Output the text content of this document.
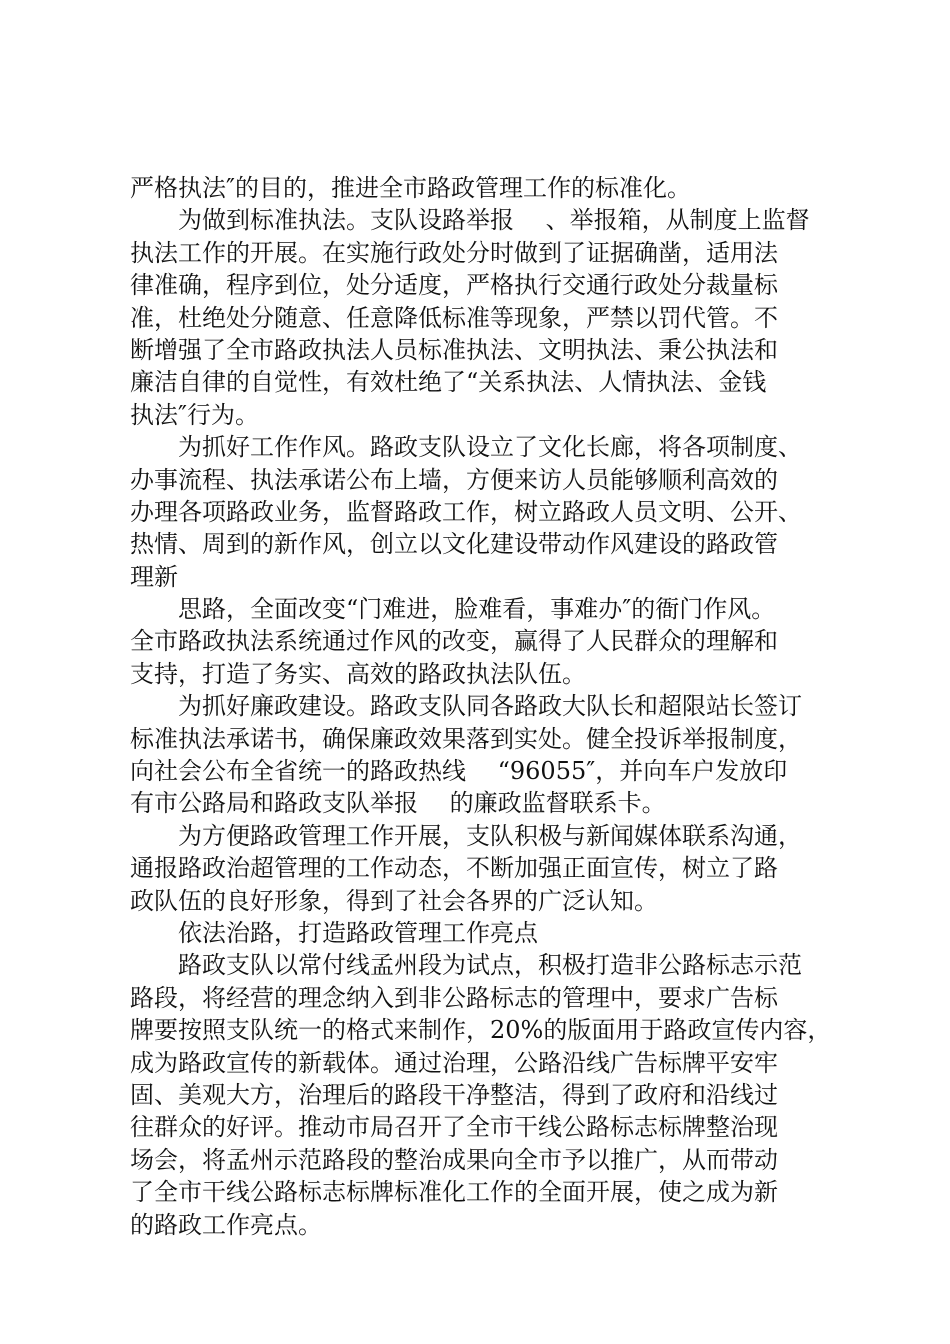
严格执法″的目的，推进全市路政管理工作的标准化。
为做到标准执法。支队设路举报　 、举报箱，从制度上监督
执法工作的开展。在实施行政处分时做到了证据确凿，适用法
律准确，程序到位，处分适度，严格执行交通行政处分裁量标
准，杜绝处分随意、任意降低标准等现象，严禁以罚代管。不
断增强了全市路政执法人员标准执法、文明执法、秉公执法和
廉洁自律的自觉性，有效杜绝了“关系执法、人情执法、金钱
执法″行为。
为抓好工作作风。路政支队设立了文化长廊，将各项制度、
办事流程、执法承诺公布上墙，方便来访人员能够顺利高效的
办理各项路政业务，监督路政工作，树立路政人员文明、公开、
热情、周到的新作风，创立以文化建设带动作风建设的路政管
理新
思路，全面改变“门难进，脸难看，事难办″的衙门作风。
全市路政执法系统通过作风的改变，赢得了人民群众的理解和
支持，打造了务实、高效的路政执法队伍。
为抓好廉政建设。路政支队同各路政大队长和超限站长签订
标准执法承诺书，确保廉政效果落到实处。健全投诉举报制度，
向社会公布全省统一的路政热线　 “96055″，并向车户发放印
有市公路局和路政支队举报　 的廉政监督联系卡。
为方便路政管理工作开展，支队积极与新闻媒体联系沟通，
通报路政治超管理的工作动态，不断加强正面宣传，树立了路
政队伍的良好形象，得到了社会各界的广泛认知。
依法治路，打造路政管理工作亮点
路政支队以常付线孟州段为试点，积极打造非公路标志示范
路段，将经营的理念纳入到非公路标志的管理中，要求广告标
牌要按照支队统一的格式来制作，20%的版面用于路政宣传内容，
成为路政宣传的新载体。通过治理，公路沿线广告标牌平安牢
固、美观大方，治理后的路段干净整洁，得到了政府和沿线过
往群众的好评。推动市局召开了全市干线公路标志标牌整治现
场会，将孟州示范路段的整治成果向全市予以推广，从而带动
了全市干线公路标志标牌标准化工作的全面开展，使之成为新
的路政工作亮点。
